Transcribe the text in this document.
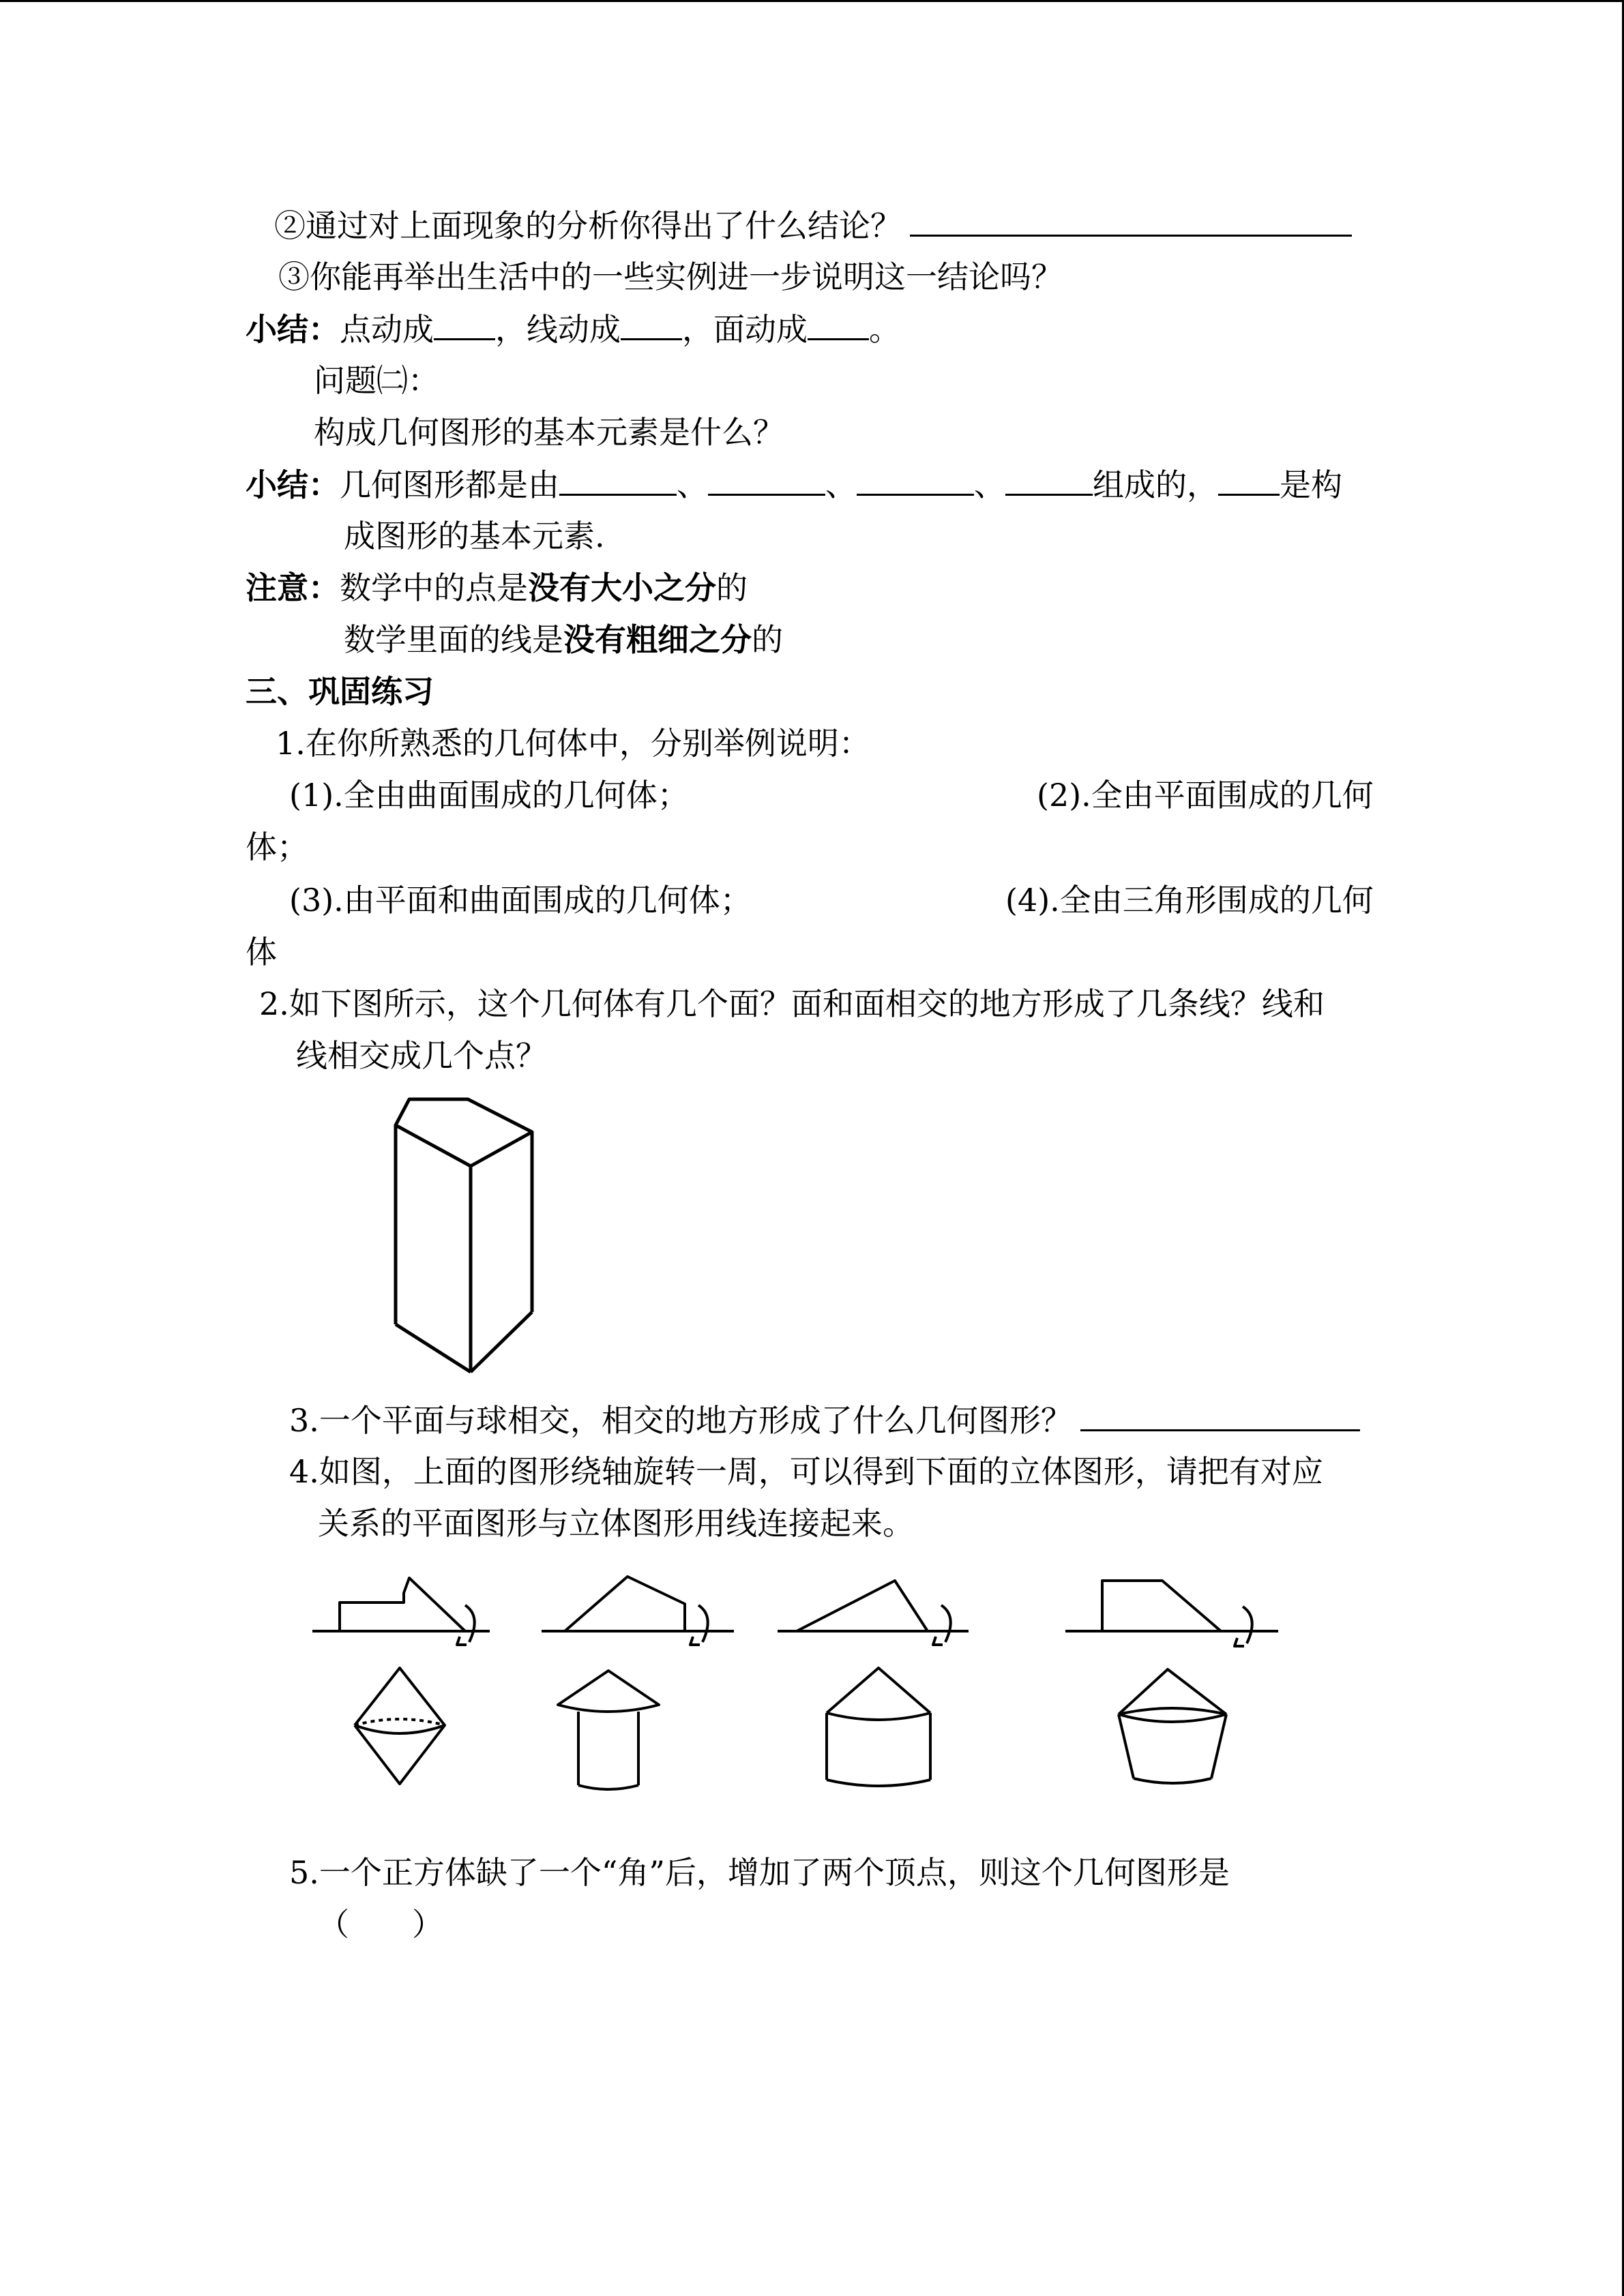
②通过对上面现象的分析你得出了什么结论？
③你能再举出生活中的一些实例进一步说明这一结论吗？
小结：点动成 ，线动成 ，面动成 。
问题㈡：
构成几何图形的基本元素是什么？
小结：几何图形都是由	、	、	、	组成的， 是构
成图形的基本元素.
注意：数学中的点是没有大小之分的
数学里面的线是没有粗细之分的
三、巩固练习
1.在你所熟悉的几何体中，分别举例说明：
(1).全由曲面围成的几何体；	(2).全由平面围成的几何
体；
(3).由平面和曲面围成的几何体；	(4).全由三角形围成的几何
体
2.如下图所示，这个几何体有几个面？面和面相交的地方形成了几条线？线和
线相交成几个点？
3.一个平面与球相交，相交的地方形成了什么几何图形？
4.如图，上面的图形绕轴旋转一周，可以得到下面的立体图形，请把有对应
关系的平面图形与立体图形用线连接起来。
5.一个正方体缺了一个“角”后，增加了两个顶点，则这个几何图形是
（　　）
